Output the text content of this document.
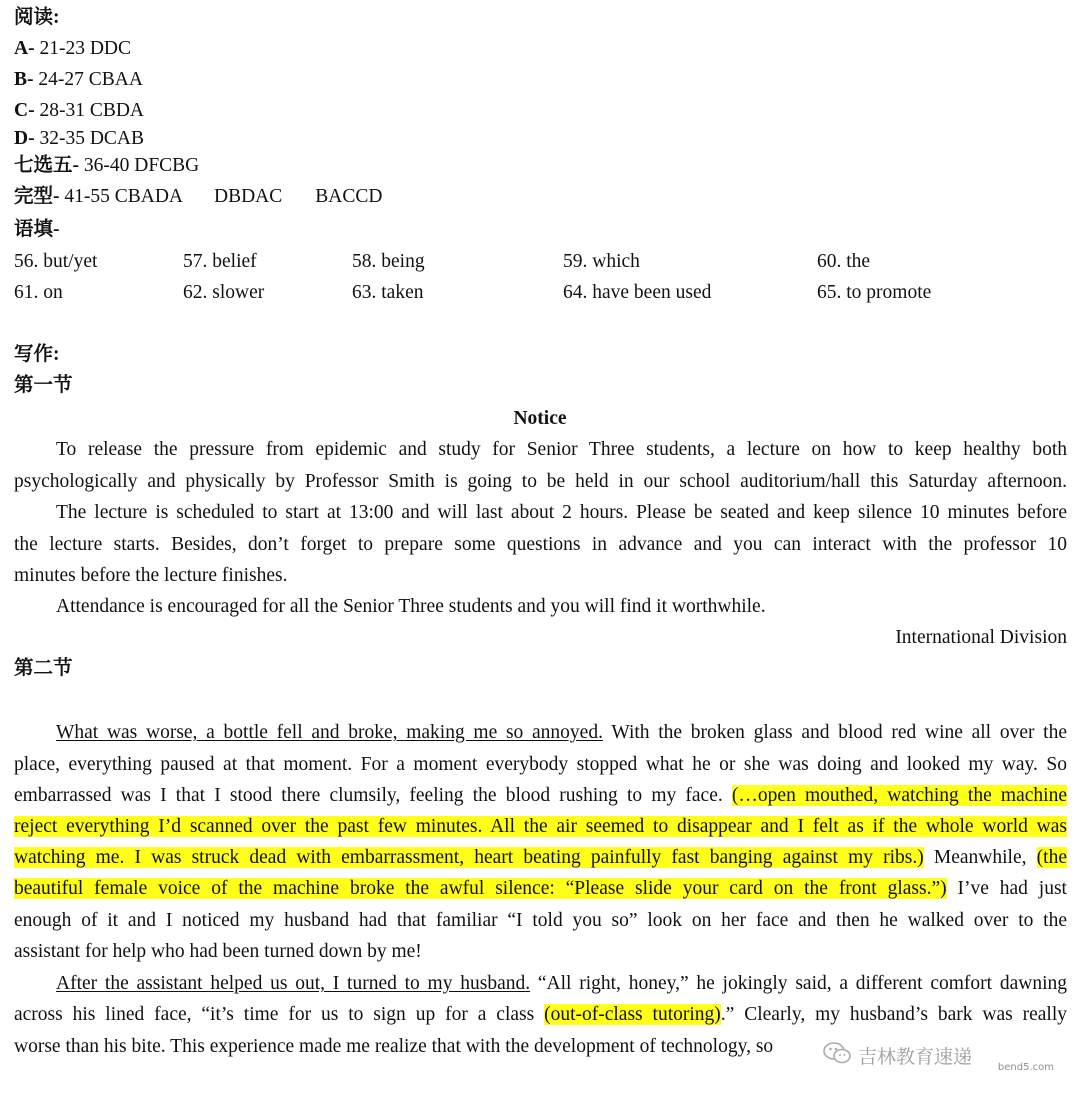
阅读:
A- 21-23 DDC
B- 24-27 CBAA
C- 28-31 CBDA
D- 32-35 DCAB
七选五- 36-40 DFCBG
完型- 41-55 CBADA DBDAC BACCD
语填-
56. but/yet	57. belief	58. being	59. which	60. the
61. on	62. slower	63. taken	64. have been used	65. to promote
写作:
第一节
Notice
To release the pressure from epidemic and study for Senior Three students, a lecture on how to keep healthy both
psychologically and physically by Professor Smith is going to be held in our school auditorium/hall this Saturday afternoon.
The lecture is scheduled to start at 13:00 and will last about 2 hours. Please be seated and keep silence 10 minutes before
the lecture starts. Besides, don’t forget to prepare some questions in advance and you can interact with the professor 10
minutes before the lecture finishes.
Attendance is encouraged for all the Senior Three students and you will find it worthwhile.
International Division
第二节
What was worse, a bottle fell and broke, making me so annoyed. With the broken glass and blood red wine all over the
place, everything paused at that moment. For a moment everybody stopped what he or she was doing and looked my way. So
embarrassed was I that I stood there clumsily, feeling the blood rushing to my face. (…open mouthed, watching the machine
reject everything I’d scanned over the past few minutes. All the air seemed to disappear and I felt as if the whole world was
watching me. I was struck dead with embarrassment, heart beating painfully fast banging against my ribs.) Meanwhile, (the
beautiful female voice of the machine broke the awful silence: “Please slide your card on the front glass.”) I’ve had just
enough of it and I noticed my husband had that familiar “I told you so” look on her face and then he walked over to the
assistant for help who had been turned down by me!
After the assistant helped us out, I turned to my husband. “All right, honey,” he jokingly said, a different comfort dawning
across his lined face, “it’s time for us to sign up for a class (out-of-class tutoring).” Clearly, my husband’s bark was really
worse than his bite. This experience made me realize that with the development of technology, so	吉林教育速递	bend5.com
